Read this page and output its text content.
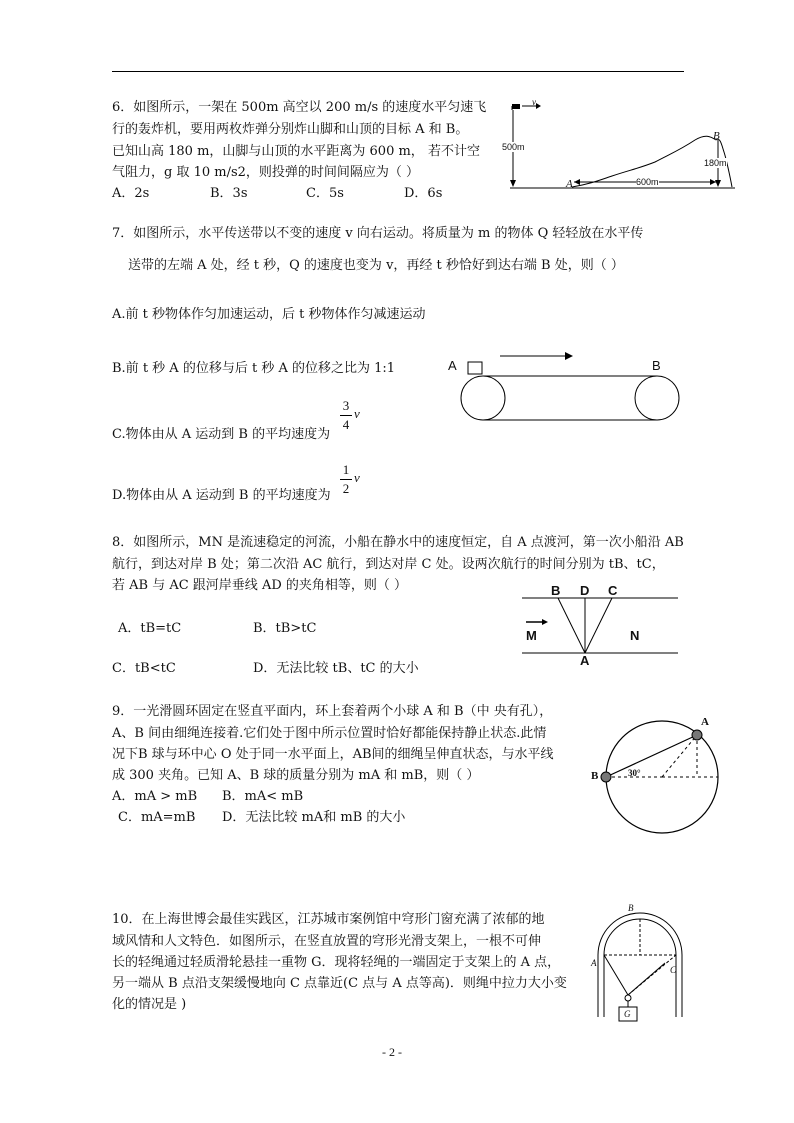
6．如图所示，一架在 500m 高空以 200 m/s 的速度水平匀速飞
行的轰炸机，要用两枚炸弹分别炸山脚和山顶的目标 A 和 B。
已知山高 180 m，山脚与山顶的水平距离为 600 m， 若不计空
气阻力，g 取 10 m/s2，则投弹的时间间隔应为（ ）
A．2s	B．3s	C．5s	D．6s
v
500m
180m
600m
A
B
7．如图所示，水平传送带以不变的速度 v 向右运动。将质量为 m 的物体 Q 轻轻放在水平传
送带的左端 A 处，经 t 秒，Q 的速度也变为 v，再经 t 秒恰好到达右端 B 处，则（ ）
A.前 t 秒物体作匀加速运动，后 t 秒物体作匀减速运动
B.前 t 秒 A 的位移与后 t 秒 A 的位移之比为 1:1
C.物体由从 A 运动到 B 的平均速度为
3
4
v
D.物体由从 A 运动到 B 的平均速度为
1
2
v
A	B
8．如图所示，MN 是流速稳定的河流，小船在静水中的速度恒定，自 A 点渡河，第一次小船沿 AB
航行，到达对岸 B 处；第二次沿 AC 航行，到达对岸 C 处。设两次航行的时间分别为 tB、tC，
若 AB 与 AC 跟河岸垂线 AD 的夹角相等，则（ ）
A．tB=tC	B．tB>tC
C．tB<tC	D．无法比较 tB、tC 的大小
B D C
M	N
A
9．一光滑圆环固定在竖直平面内，环上套着两个小球 A 和 B（中 央有孔），
A、B 间由细绳连接着.它们处于图中所示位置时恰好都能保持静止状态.此情
况下B 球与环中心 O 处于同一水平面上，AB间的细绳呈伸直状态，与水平线
成 300 夹角。已知 A、B 球的质量分别为 mA 和 mB，则（ ）
A．mA > mB B．mA< mB
C．mA=mB D．无法比较 mA和 mB 的大小
A
B	30°
10．在上海世博会最佳实践区，江苏城市案例馆中穹形门窗充满了浓郁的地
域风情和人文特色．如图所示，在竖直放置的穹形光滑支架上，一根不可伸
长的轻绳通过轻质滑轮悬挂一重物 G．现将轻绳的一端固定于支架上的 A 点，
另一端从 B 点沿支架缓慢地向 C 点靠近(C 点与 A 点等高)．则绳中拉力大小变
化的情况是 )
B
A
C
G
- 2 -
